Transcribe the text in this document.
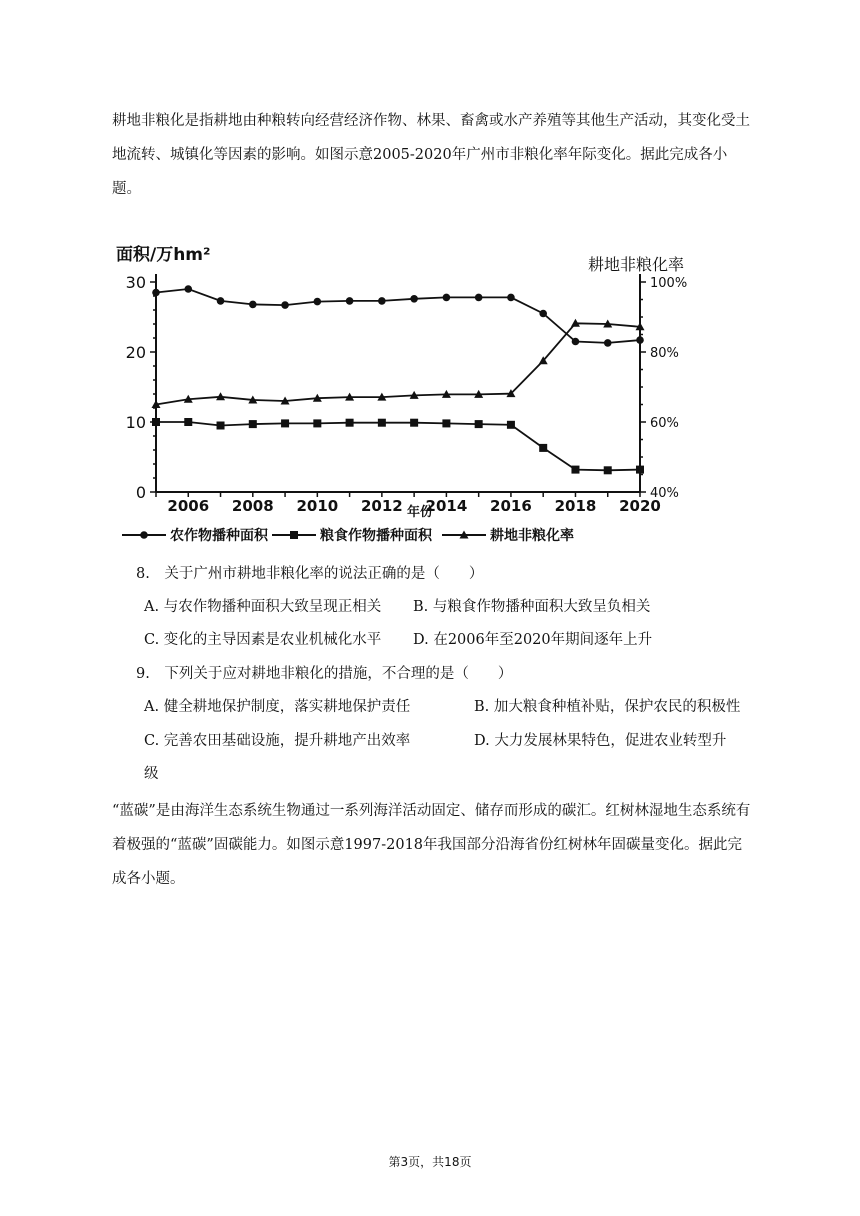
耕地非粮化是指耕地由种粮转向经营经济作物、林果、畜禽或水产养殖等其他生产活动，其变化受土地流转、城镇化等因素的影响。如图示意2005-2020年广州市非粮化率年际变化。据此完成各小题。

面积/万hm²	耕地非粮化率
年份
0
10
20
30
40%
60%
80%
100%
2006 2008 2010 2012 2014 2016 2018 2020
农作物播种面积	粮食作物播种面积	耕地非粮化率
8.　关于广州市耕地非粮化率的说法正确的是（　　）
A. 与农作物播种面积大致呈现正相关 B. 与粮食作物播种面积大致呈负相关
C. 变化的主导因素是农业机械化水平 D. 在2006年至2020年期间逐年上升
9.　下列关于应对耕地非粮化的措施，不合理的是（　　）
A. 健全耕地保护制度，落实耕地保护责任	B. 加大粮食种植补贴，保护农民的积极性
C. 完善农田基础设施，提升耕地产出效率	D. 大力发展林果特色，促进农业转型升
级

“蓝碳”是由海洋生态系统生物通过一系列海洋活动固定、储存而形成的碳汇。红树林湿地生态系统有着极强的“蓝碳”固碳能力。如图示意1997-2018年我国部分沿海省份红树林年固碳量变化。据此完成各小题。

第3页，共18页
